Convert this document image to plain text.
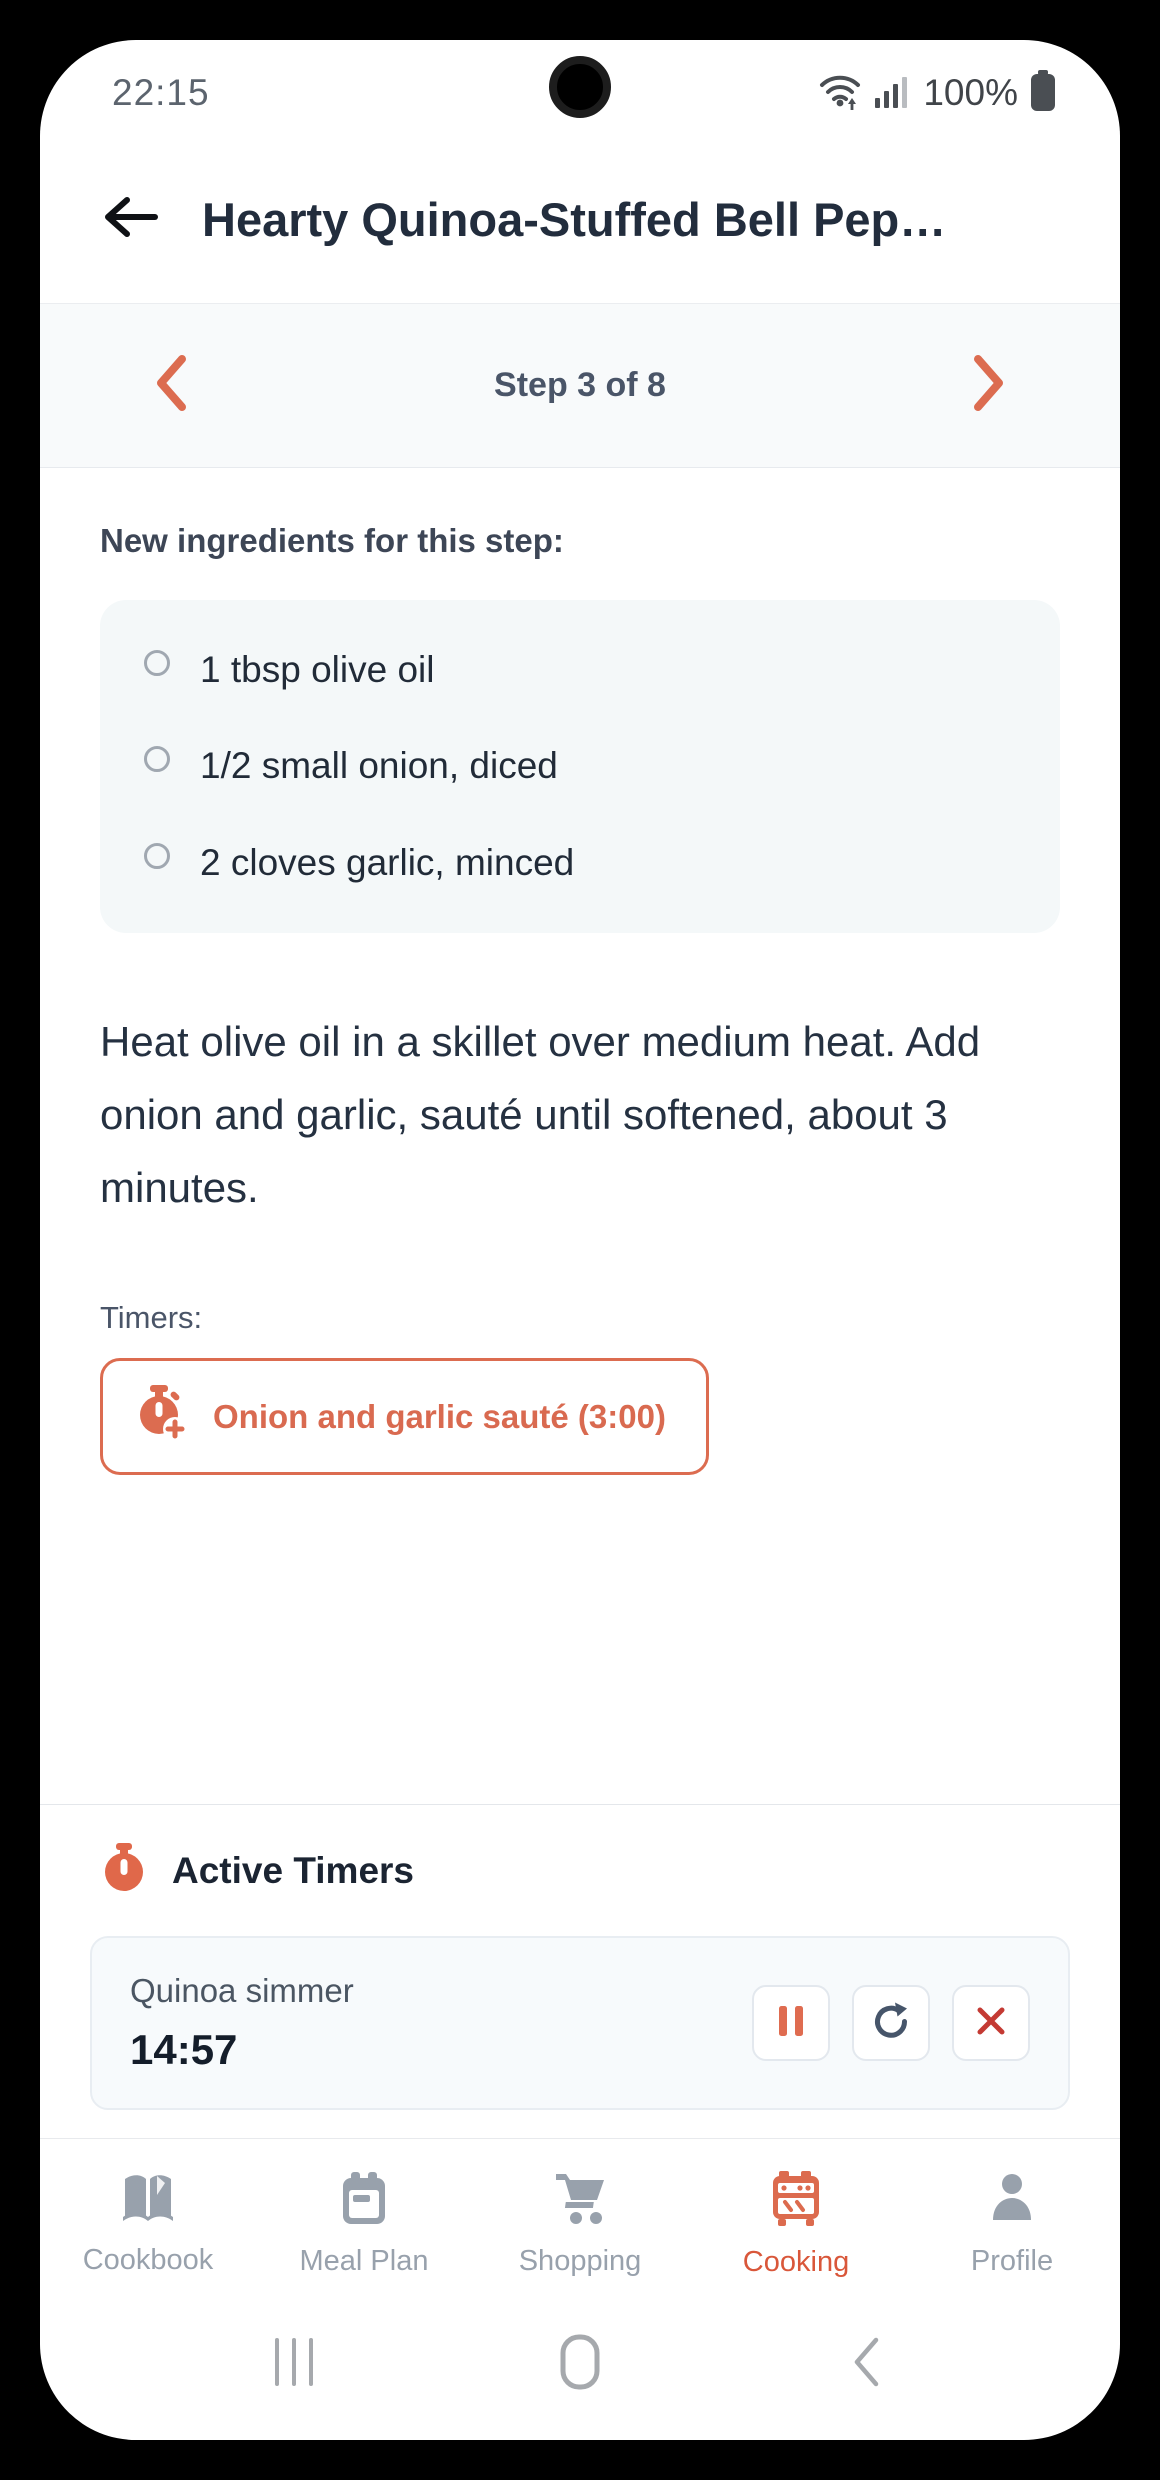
22:15	100%
Hearty Quinoa-Stuffed Bell Pep…
Step 3 of 8
New ingredients for this step:
1 tbsp olive oil
1/2 small onion, diced
2 cloves garlic, minced
Heat olive oil in a skillet over medium heat. Add onion and garlic, sauté until softened, about 3 minutes.
Timers:
Onion and garlic sauté (3:00)
Active Timers
Quinoa simmer
14:57
Cookbook	Meal Plan	Shopping	Cooking	Profile
